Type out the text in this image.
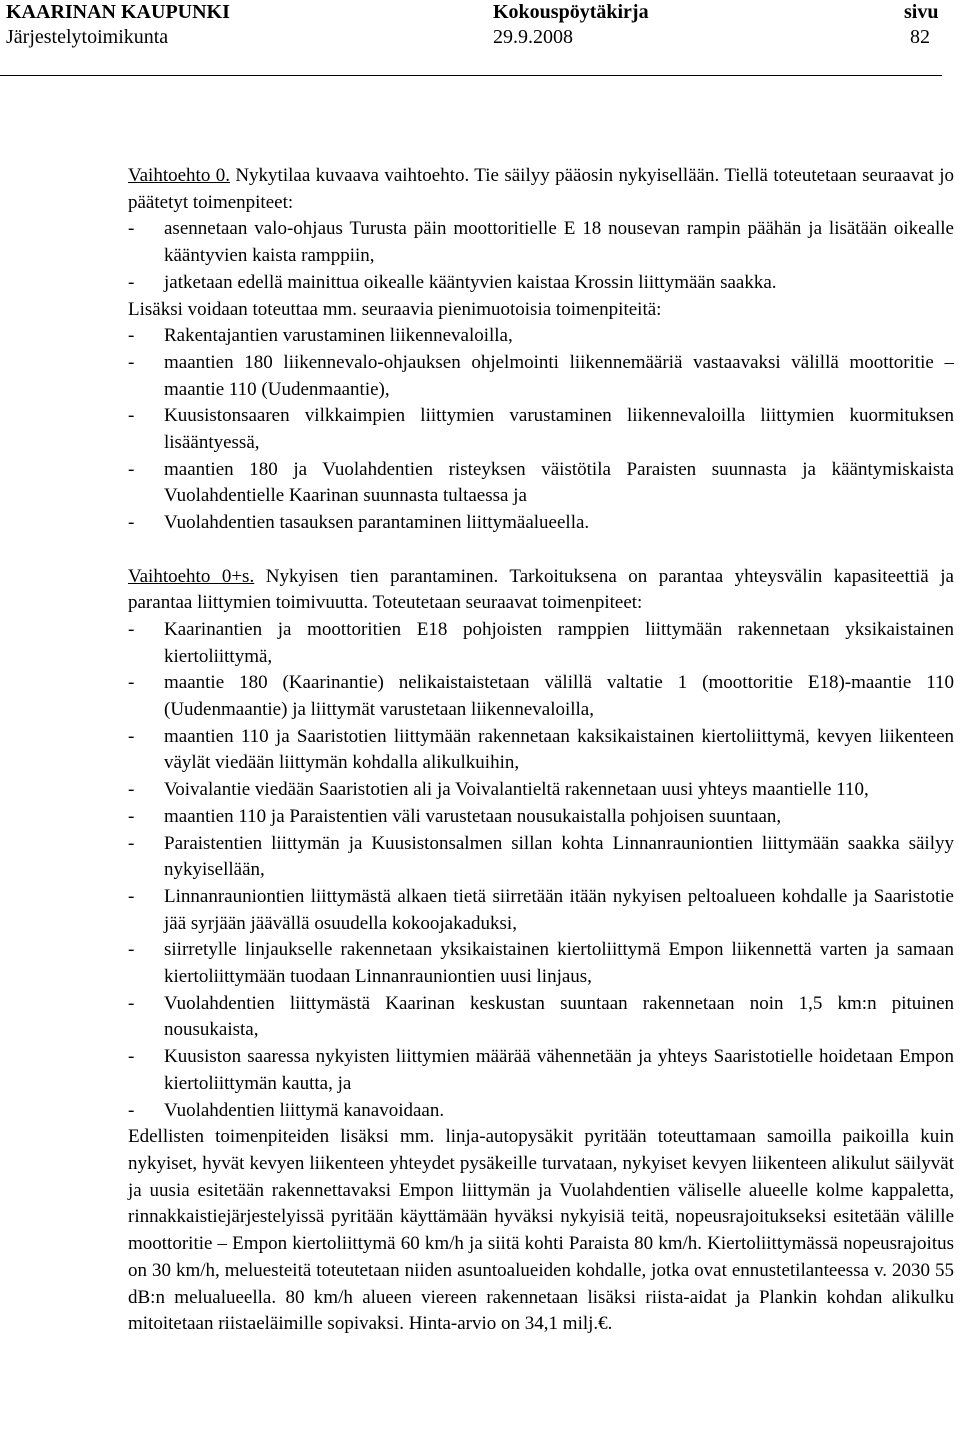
KAARINAN KAUPUNKI	Kokouspöytäkirja	sivu
Järjestelytoimikunta	29.9.2008	82

Vaihtoehto 0. Nykytilaa kuvaava vaihtoehto. Tie säilyy pääosin nykyisellään. Tiellä toteutetaan seuraavat jo päätetyt toimenpiteet:

-	asennetaan valo-ohjaus Turusta päin moottoritielle E 18 nousevan rampin päähän ja lisätään oikealle kääntyvien kaista ramppiin,
-	jatketaan edellä mainittua oikealle kääntyvien kaistaa Krossin liittymään saakka.

Lisäksi voidaan toteuttaa mm. seuraavia pienimuotoisia toimenpiteitä:

-	Rakentajantien varustaminen liikennevaloilla,
-	maantien 180 liikennevalo-ohjauksen ohjelmointi liikennemääriä vastaavaksi välillä moottoritie – maantie 110 (Uudenmaantie),
-	Kuusistonsaaren vilkkaimpien liittymien varustaminen liikennevaloilla liittymien kuormituksen lisääntyessä,
-	maantien 180 ja Vuolahdentien risteyksen väistötila Paraisten suunnasta ja kääntymiskaista Vuolahdentielle Kaarinan suunnasta tultaessa ja
-	Vuolahdentien tasauksen parantaminen liittymäalueella.

Vaihtoehto 0+s. Nykyisen tien parantaminen. Tarkoituksena on parantaa yhteysvälin kapasiteettiä ja parantaa liittymien toimivuutta. Toteutetaan seuraavat toimenpiteet:

-	Kaarinantien ja moottoritien E18 pohjoisten ramppien liittymään rakennetaan yksikaistainen kiertoliittymä,
-	maantie 180 (Kaarinantie) nelikaistaistetaan välillä valtatie 1 (moottoritie E18)-maantie 110 (Uudenmaantie) ja liittymät varustetaan liikennevaloilla,
-	maantien 110 ja Saaristotien liittymään rakennetaan kaksikaistainen kiertoliittymä, kevyen liikenteen väylät viedään liittymän kohdalla alikulkuihin,
-	Voivalantie viedään Saaristotien ali ja Voivalantieltä rakennetaan uusi yhteys maantielle 110,
-	maantien 110 ja Paraistentien väli varustetaan nousukaistalla pohjoisen suuntaan,
-	Paraistentien liittymän ja Kuusistonsalmen sillan kohta Linnanrauniontien liittymään saakka säilyy nykyisellään,
-	Linnanrauniontien liittymästä alkaen tietä siirretään itään nykyisen peltoalueen kohdalle ja Saaristotie jää syrjään jäävällä osuudella kokoojakaduksi,
-	siirretylle linjaukselle rakennetaan yksikaistainen kiertoliittymä Empon liikennettä varten ja samaan kiertoliittymään tuodaan Linnanrauniontien uusi linjaus,
-	Vuolahdentien liittymästä Kaarinan keskustan suuntaan rakennetaan noin 1,5 km:n pituinen nousukaista,
-	Kuusiston saaressa nykyisten liittymien määrää vähennetään ja yhteys Saaristotielle hoidetaan Empon kiertoliittymän kautta, ja
-	Vuolahdentien liittymä kanavoidaan.

Edellisten toimenpiteiden lisäksi mm. linja-autopysäkit pyritään toteuttamaan samoilla paikoilla kuin nykyiset, hyvät kevyen liikenteen yhteydet pysäkeille turvataan, nykyiset kevyen liikenteen alikulut säilyvät ja uusia esitetään rakennettavaksi Empon liittymän ja Vuolahdentien väliselle alueelle kolme kappaletta, rinnakkaistiejärjestelyissä pyritään käyttämään hyväksi nykyisiä teitä, nopeusrajoitukseksi esitetään välille moottoritie – Empon kiertoliittymä 60 km/h ja siitä kohti Paraista 80 km/h. Kiertoliittymässä nopeusrajoitus on 30 km/h, meluesteitä toteutetaan niiden asuntoalueiden kohdalle, jotka ovat ennustetilanteessa v. 2030 55 dB:n melualueella. 80 km/h alueen viereen rakennetaan lisäksi riista-aidat ja Plankin kohdan alikulku mitoitetaan riistaeläimille sopivaksi. Hinta-arvio on 34,1 milj.€.
